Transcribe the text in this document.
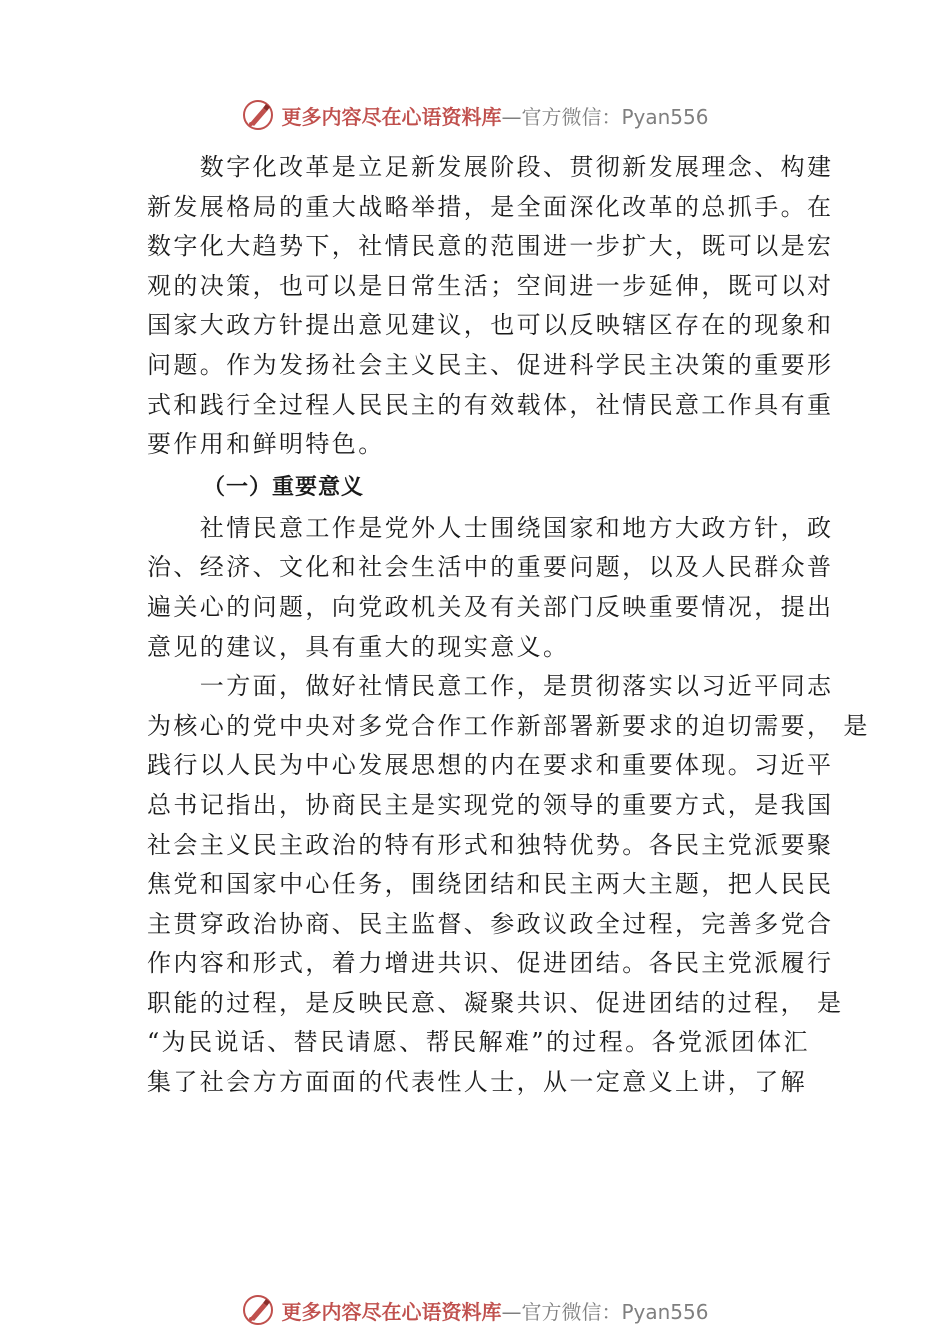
更多内容尽在心语资料库 —官方微信：Pyan556
　　数字化改革是立足新发展阶段、贯彻新发展理念、构建
新发展格局的重大战略举措，是全面深化改革的总抓手。在
数字化大趋势下，社情民意的范围进一步扩大，既可以是宏
观的决策，也可以是日常生活；空间进一步延伸，既可以对
国家大政方针提出意见建议，也可以反映辖区存在的现象和
问题。作为发扬社会主义民主、促进科学民主决策的重要形
式和践行全过程人民民主的有效载体，社情民意工作具有重
要作用和鲜明特色。
（一）重要意义
　　社情民意工作是党外人士围绕国家和地方大政方针，政
治、经济、文化和社会生活中的重要问题，以及人民群众普
遍关心的问题，向党政机关及有关部门反映重要情况，提出
意见的建议，具有重大的现实意义。
　　一方面，做好社情民意工作，是贯彻落实以习近平同志
为核心的党中央对多党合作工作新部署新要求的迫切需要， 是
践行以人民为中心发展思想的内在要求和重要体现。习近平
总书记指出，协商民主是实现党的领导的重要方式，是我国
社会主义民主政治的特有形式和独特优势。各民主党派要聚
焦党和国家中心任务，围绕团结和民主两大主题，把人民民
主贯穿政治协商、民主监督、参政议政全过程，完善多党合
作内容和形式，着力增进共识、促进团结。各民主党派履行
职能的过程，是反映民意、凝聚共识、促进团结的过程， 是
“为民说话、替民请愿、帮民解难”的过程。各党派团体汇
集了社会方方面面的代表性人士，从一定意义上讲，了解
更多内容尽在心语资料库 —官方微信：Pyan556
